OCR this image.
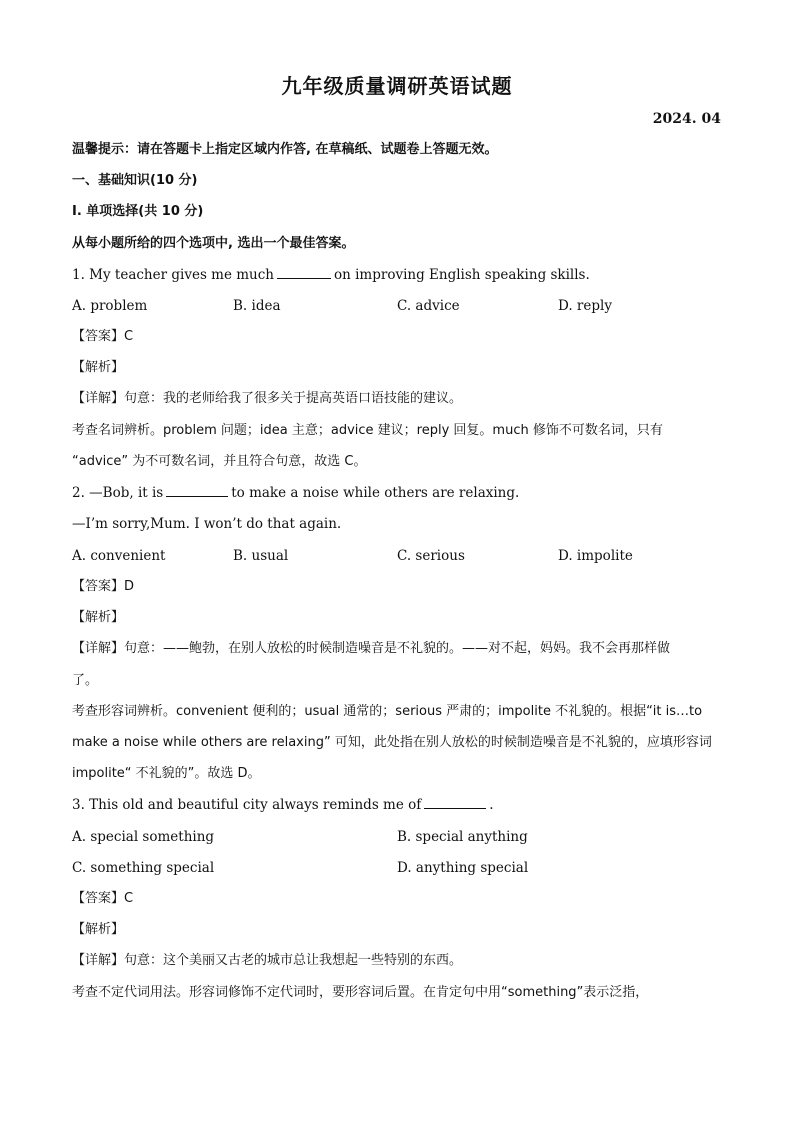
九年级质量调研英语试题
2024. 04
温馨提示：请在答题卡上指定区域内作答, 在草稿纸、试题卷上答题无效。
一、基础知识(10 分)
I. 单项选择(共 10 分)
从每小题所给的四个选项中, 选出一个最佳答案。
1. My teacher gives me much	on improving English speaking skills.
A. problem	B. idea	C. advice	D. reply
【答案】C
【解析】
【详解】句意：我的老师给我了很多关于提高英语口语技能的建议。
考查名词辨析。problem 问题；idea 主意；advice 建议；reply 回复。much 修饰不可数名词，只有
“advice” 为不可数名词，并且符合句意，故选 C。
2. —Bob, it is	to make a noise while others are relaxing.
—I’m sorry,Mum. I won’t do that again.
A. convenient	B. usual	C. serious	D. impolite
【答案】D
【解析】
【详解】句意：——鲍勃，在别人放松的时候制造噪音是不礼貌的。——对不起，妈妈。我不会再那样做
了。
考查形容词辨析。convenient 便利的；usual 通常的；serious 严肃的；impolite 不礼貌的。根据“it is…to
make a noise while others are relaxing” 可知，此处指在别人放松的时候制造噪音是不礼貌的，应填形容词
impolite“ 不礼貌的”。故选 D。
3. This old and beautiful city always reminds me of	.
A. special something	B. special anything
C. something special	D. anything special
【答案】C
【解析】
【详解】句意：这个美丽又古老的城市总让我想起一些特别的东西。
考查不定代词用法。形容词修饰不定代词时，要形容词后置。在肯定句中用“something”表示泛指，
